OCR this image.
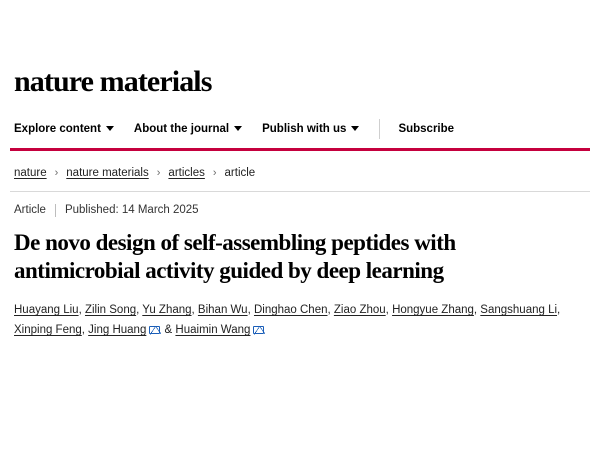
nature materials
Explore content	About the journal	Publish with us	Subscribe
nature › nature materials › articles › article
Article Published: 14 March 2025
De novo design of self-assembling peptides with antimicrobial activity guided by deep learning
Huayang Liu, Zilin Song, Yu Zhang, Bihan Wu, Dinghao Chen, Ziao Zhou, Hongyue Zhang, Sangshuang Li, Xinping Feng, Jing Huang & Huaimin Wang
